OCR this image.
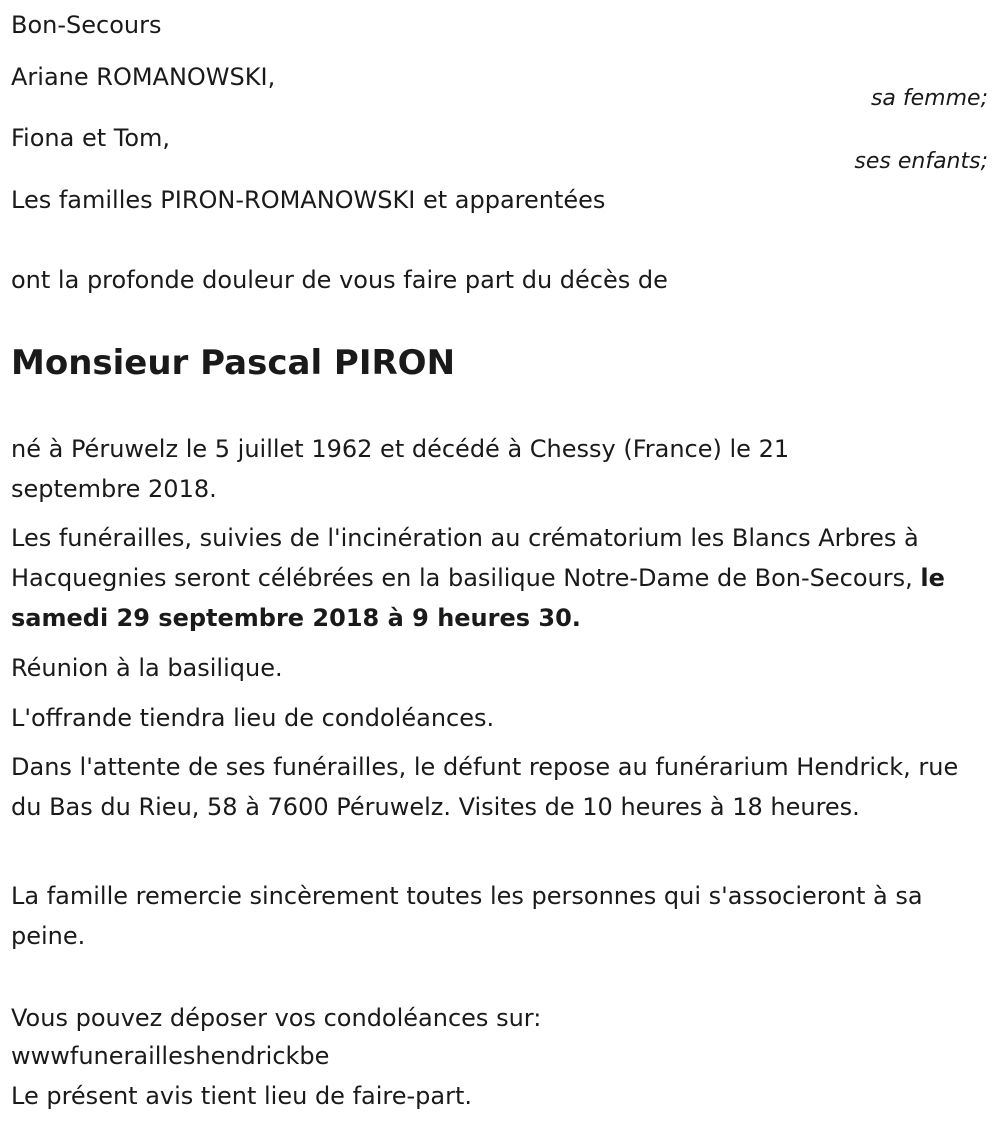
Bon-Secours
Ariane ROMANOWSKI,
sa femme;
Fiona et Tom,
ses enfants;
Les familles PIRON-ROMANOWSKI et apparentées
ont la profonde douleur de vous faire part du décès de
Monsieur Pascal PIRON
né à Péruwelz le 5 juillet 1962 et décédé à Chessy (France) le 21 septembre 2018.
Les funérailles, suivies de l'incinération au crématorium les Blancs Arbres à Hacquegnies seront célébrées en la basilique Notre-Dame de Bon-Secours, le samedi 29 septembre 2018 à 9 heures 30.
Réunion à la basilique.
L'offrande tiendra lieu de condoléances.
Dans l'attente de ses funérailles, le défunt repose au funérarium Hendrick, rue du Bas du Rieu, 58 à 7600 Péruwelz. Visites de 10 heures à 18 heures.
La famille remercie sincèrement toutes les personnes qui s'associeront à sa peine.
Vous pouvez déposer vos condoléances sur:
wwwfunerailleshendrickbe
Le présent avis tient lieu de faire-part.
